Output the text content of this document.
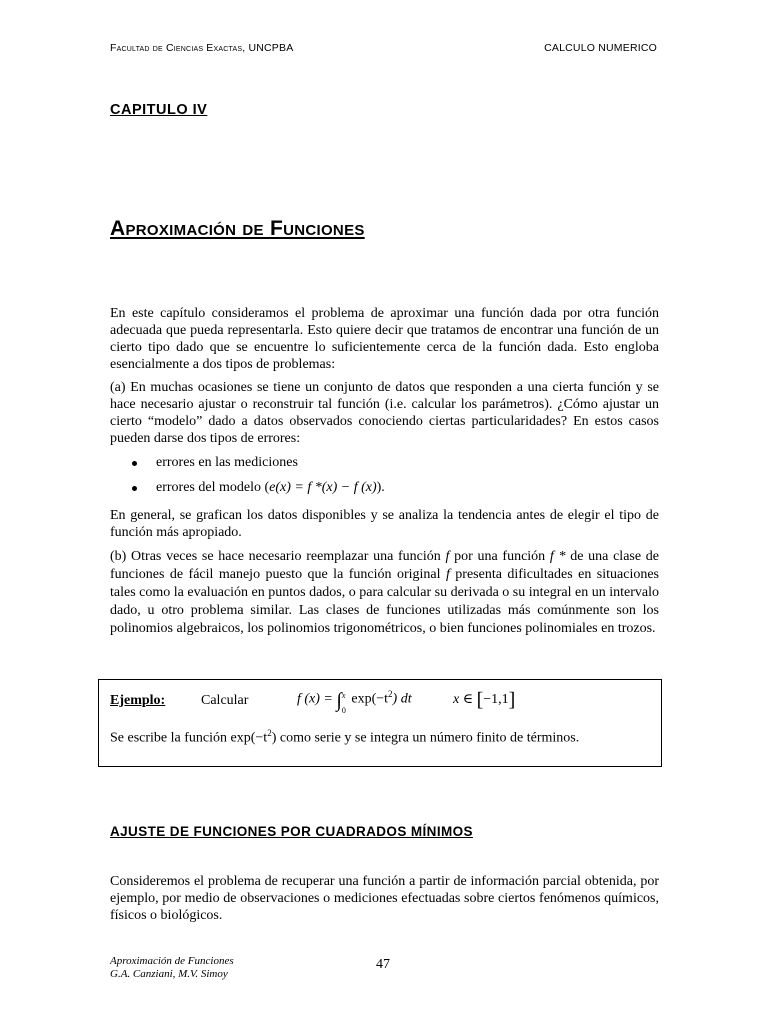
Facultad de Ciencias Exactas, UNCPBA	CALCULO NUMERICO
CAPITULO IV
Aproximación de Funciones

En este capítulo consideramos el problema de aproximar una función dada por otra función adecuada que pueda representarla. Esto quiere decir que tratamos de encontrar una función de un cierto tipo dado que se encuentre lo suficientemente cerca de la función dada. Esto engloba esencialmente a dos tipos de problemas:

(a) En muchas ocasiones se tiene un conjunto de datos que responden a una cierta función y se hace necesario ajustar o reconstruir tal función (i.e. calcular los parámetros). ¿Cómo ajustar un cierto “modelo” dado a datos observados conociendo ciertas particularidades? En estos casos pueden darse dos tipos de errores:

errores en las mediciones
errores del modelo (e(x) = f *(x) − f (x)).

En general, se grafican los datos disponibles y se analiza la tendencia antes de elegir el tipo de función más apropiado.

(b) Otras veces se hace necesario reemplazar una función f por una función f * de una clase de funciones de fácil manejo puesto que la función original f presenta dificultades en situaciones tales como la evaluación en puntos dados, o para calcular su derivada o su integral en un intervalo dado, u otro problema similar. Las clases de funciones utilizadas más comúnmente son los polinomios algebraicos, los polinomios trigonométricos, o bien funciones polinomiales en trozos.

Ejemplo:	Calcular	f (x) = ∫ x
0
$\exp(-t^2)$ dt	x ∈ [−1,1]
Se escribe la función $\exp(-t^2)$ como serie y se integra un número finito de términos.
AJUSTE DE FUNCIONES POR CUADRADOS MÍNIMOS

Consideremos el problema de recuperar una función a partir de información parcial obtenida, por ejemplo, por medio de observaciones o mediciones efectuadas sobre ciertos fenómenos químicos, físicos o biológicos.

Aproximación de Funciones
G.A. Canziani, M.V. Simoy
47
